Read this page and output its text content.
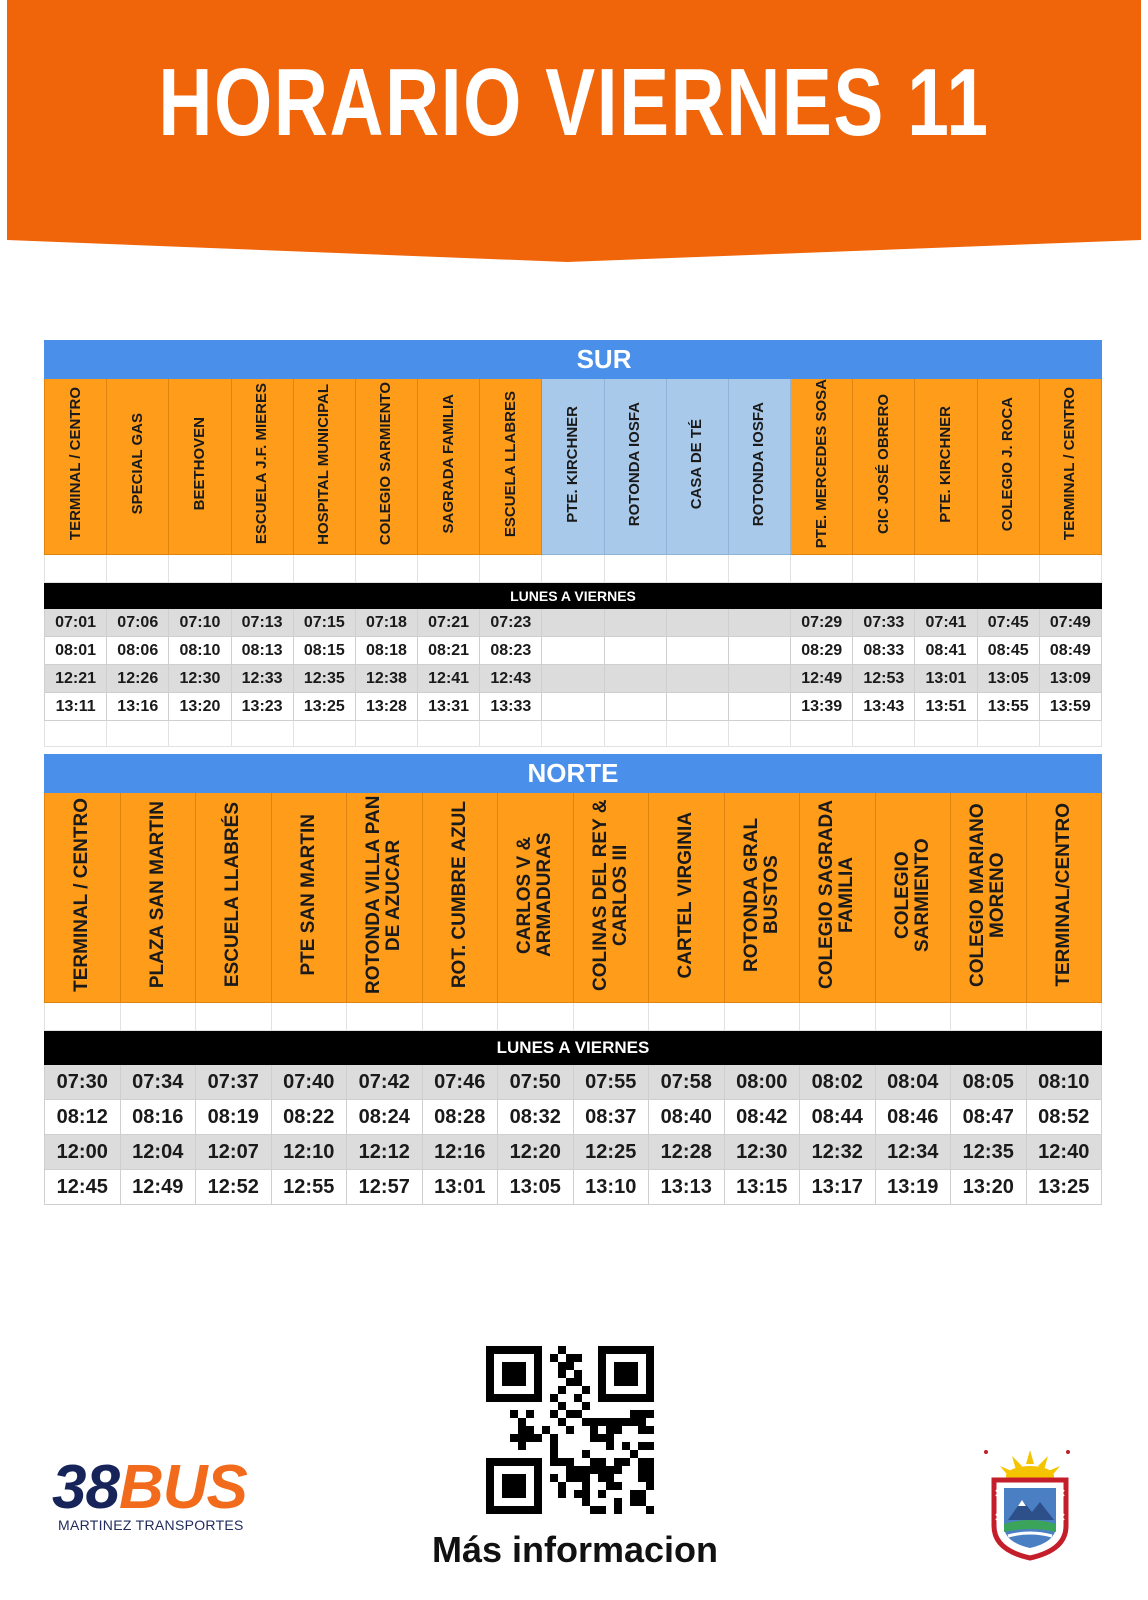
HORARIO VIERNES 11
								SUR								
TERMINAL / CENTRO	SPECIAL GAS	BEETHOVEN	ESCUELA J.F. MIERES	HOSPITAL MUNICIPAL	COLEGIO SARMIENTO	SAGRADA FAMILIA	ESCUELA LLABRES	PTE. KIRCHNER	ROTONDA IOSFA	CASA DE TÉ	ROTONDA IOSFA	PTE. MERCEDES SOSA	CIC JOSÉ OBRERO	PTE. KIRCHNER	COLEGIO J. ROCA	TERMINAL / CENTRO

LUNES A VIERNES																
07:01	07:06	07:10	07:13	07:15	07:18	07:21	07:23					07:29	07:33	07:41	07:45	07:49
08:01	08:06	08:10	08:13	08:15	08:18	08:21	08:23					08:29	08:33	08:41	08:45	08:49
12:21	12:26	12:30	12:33	12:35	12:38	12:41	12:43					12:49	12:53	13:01	13:05	13:09
13:11	13:16	13:20	13:23	13:25	13:28	13:31	13:33					13:39	13:43	13:51	13:55	13:59

						NORTE							
TERMINAL / CENTRO	PLAZA SAN MARTIN	ESCUELA LLABRÉS	PTE SAN MARTIN	ROTONDA VILLA PAN DE AZUCAR	ROT. CUMBRE AZUL	CARLOS V & ARMADURAS	COLINAS DEL REY & CARLOS III	CARTEL VIRGINIA	ROTONDA GRAL BUSTOS	COLEGIO SAGRADA FAMILIA	COLEGIO SARMIENTO	COLEGIO MARIANO MORENO	TERMINAL/CENTRO

LUNES A VIERNES													
07:30	07:34	07:37	07:40	07:42	07:46	07:50	07:55	07:58	08:00	08:02	08:04	08:05	08:10
08:12	08:16	08:19	08:22	08:24	08:28	08:32	08:37	08:40	08:42	08:44	08:46	08:47	08:52
12:00	12:04	12:07	12:10	12:12	12:16	12:20	12:25	12:28	12:30	12:32	12:34	12:35	12:40
12:45	12:49	12:52	12:55	12:57	13:01	13:05	13:10	13:13	13:15	13:17	13:19	13:20	13:25
38BUS
MARTINEZ TRANSPORTES
Más informacion
